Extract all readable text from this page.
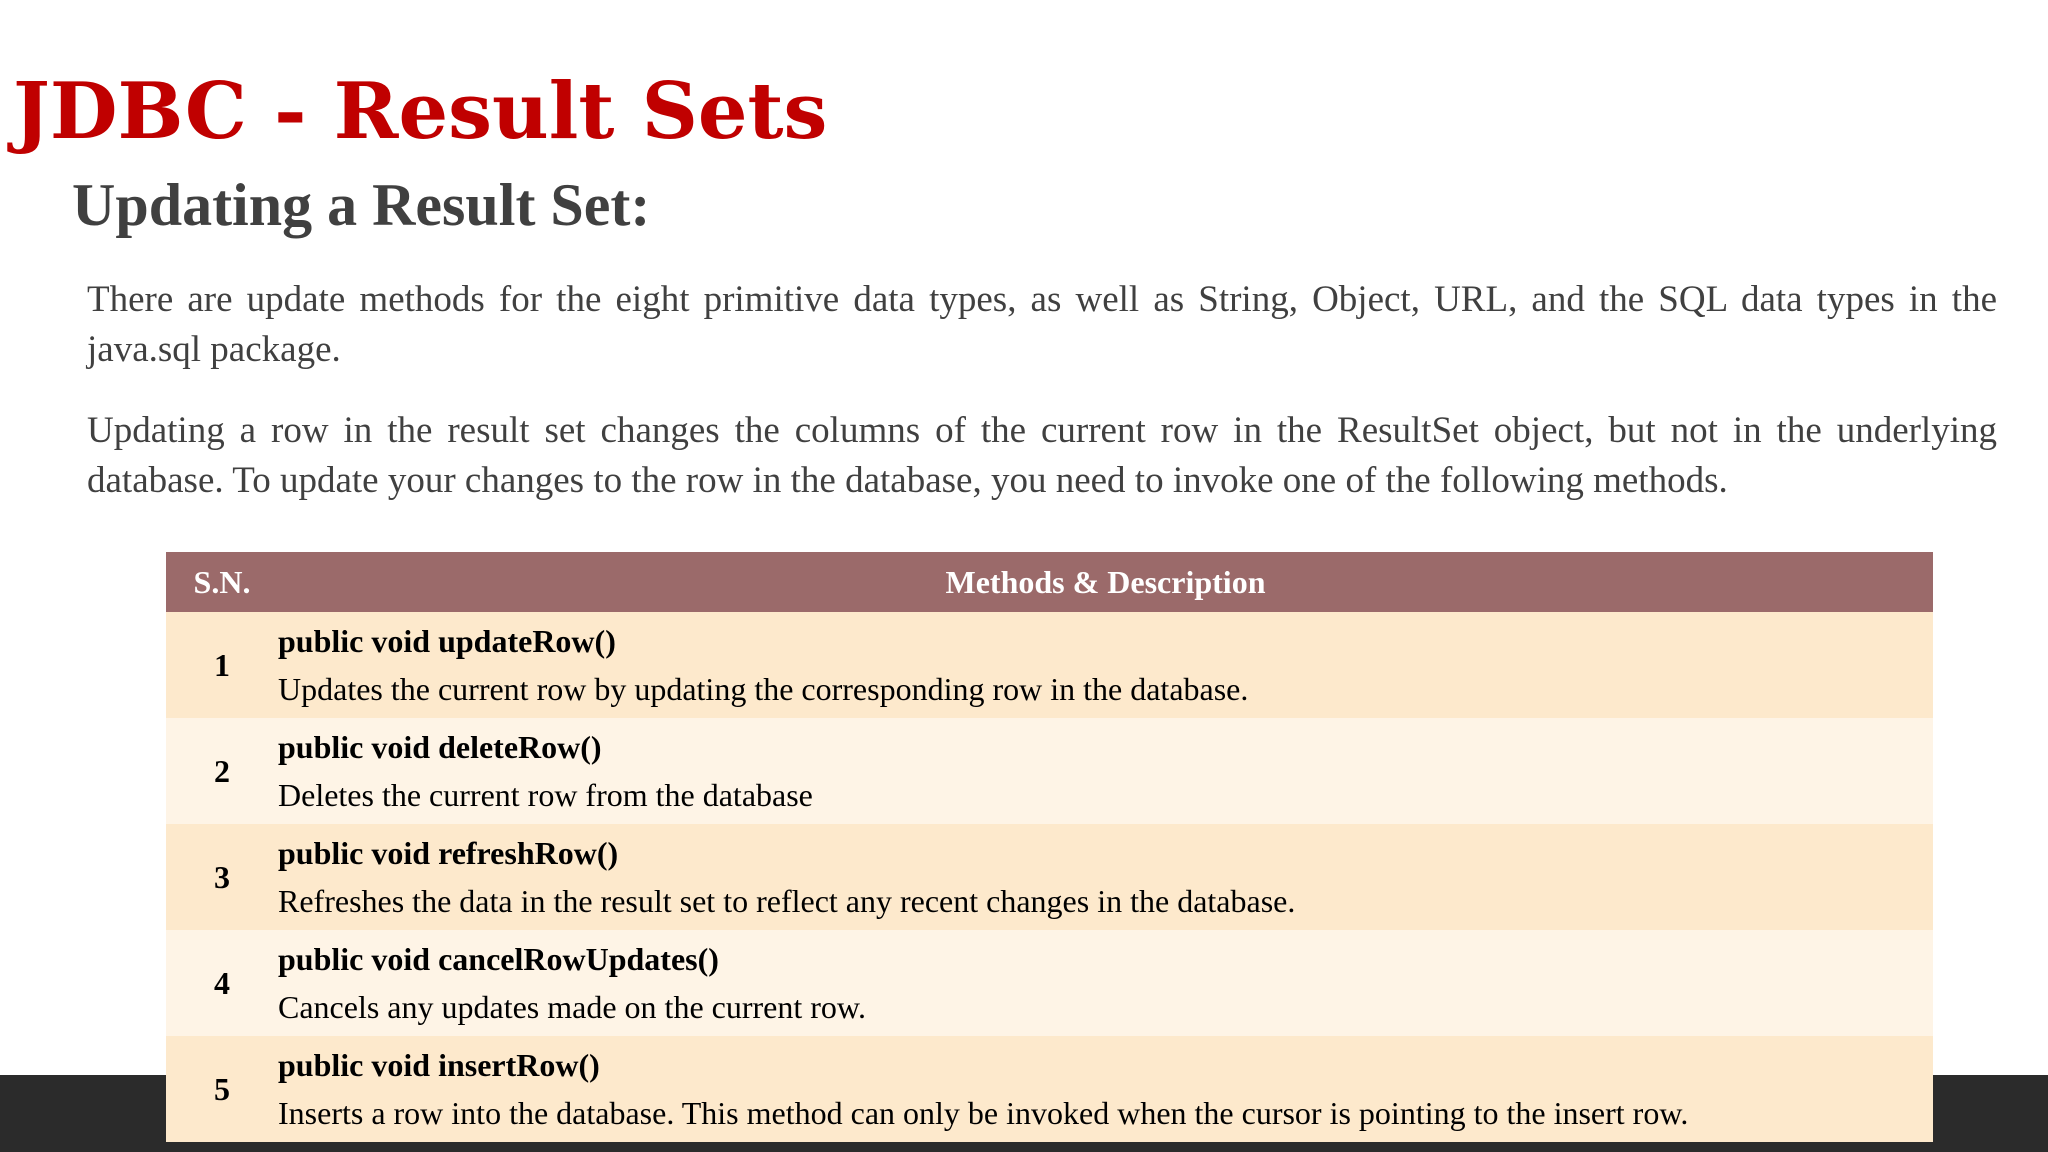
JDBC - Result Sets
Updating a Result Set:

There are update methods for the eight primitive data types, as well as String, Object, URL, and the SQL data types in the java.sql package.

Updating a row in the result set changes the columns of the current row in the ResultSet object, but not in the underlying database. To update your changes to the row in the database, you need to invoke one of the following methods.

S.N.	Methods & Description
1	public void updateRow()
Updates the current row by updating the corresponding row in the database.

2	public void deleteRow()
Deletes the current row from the database

3	public void refreshRow()
Refreshes the data in the result set to reflect any recent changes in the database.

4	public void cancelRowUpdates()
Cancels any updates made on the current row.

5	public void insertRow()
Inserts a row into the database. This method can only be invoked when the cursor is pointing to the insert row.
